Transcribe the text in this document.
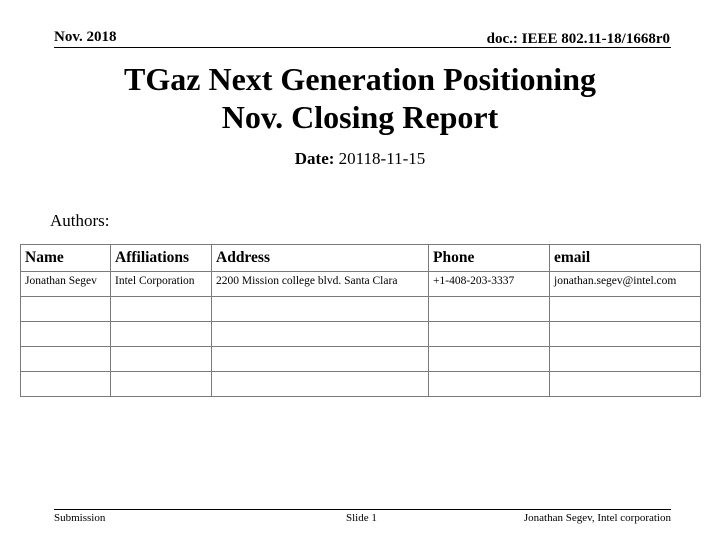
Nov. 2018	doc.: IEEE 802.11-18/1668r0
TGaz Next Generation Positioning
Nov. Closing Report
Date: 20118-11-15
Authors:
Name	Affiliations	Address	Phone	email
Jonathan Segev	Intel Corporation	2200 Mission college blvd. Santa Clara	+1-408-203-3337	jonathan.segev@intel.com

Submission	Slide 1	Jonathan Segev, Intel corporation
